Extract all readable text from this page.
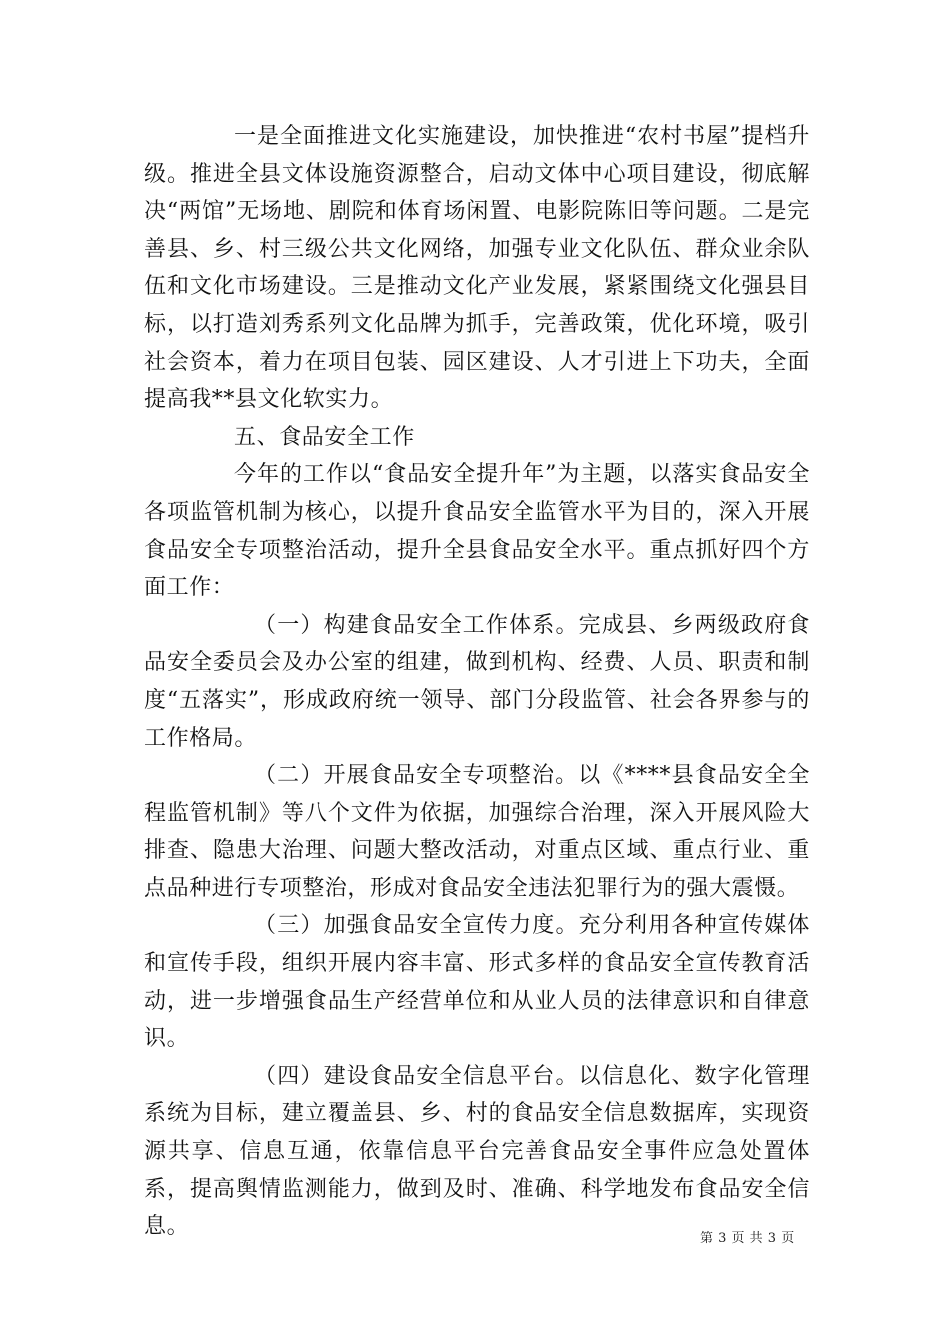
一是全面推进文化实施建设，加快推进“农村书屋”提档升级。推进全县文体设施资源整合，启动文体中心项目建设，彻底解决“两馆”无场地、剧院和体育场闲置、电影院陈旧等问题。二是完善县、乡、村三级公共文化网络，加强专业文化队伍、群众业余队伍和文化市场建设。三是推动文化产业发展，紧紧围绕文化强县目标，以打造刘秀系列文化品牌为抓手，完善政策，优化环境，吸引社会资本，着力在项目包装、园区建设、人才引进上下功夫，全面提高我**县文化软实力。

五、食品安全工作

今年的工作以“食品安全提升年”为主题，以落实食品安全各项监管机制为核心，以提升食品安全监管水平为目的，深入开展食品安全专项整治活动，提升全县食品安全水平。重点抓好四个方面工作：

（一）构建食品安全工作体系。完成县、乡两级政府食品安全委员会及办公室的组建，做到机构、经费、人员、职责和制度“五落实”，形成政府统一领导、部门分段监管、社会各界参与的工作格局。

（二）开展食品安全专项整治。以《****县食品安全全程监管机制》等八个文件为依据，加强综合治理，深入开展风险大排查、隐患大治理、问题大整改活动，对重点区域、重点行业、重点品种进行专项整治，形成对食品安全违法犯罪行为的强大震慑。

（三）加强食品安全宣传力度。充分利用各种宣传媒体和宣传手段，组织开展内容丰富、形式多样的食品安全宣传教育活动，进一步增强食品生产经营单位和从业人员的法律意识和自律意识。

（四）建设食品安全信息平台。以信息化、数字化管理系统为目标，建立覆盖县、乡、村的食品安全信息数据库，实现资源共享、信息互通，依靠信息平台完善食品安全事件应急处置体系，提高舆情监测能力，做到及时、准确、科学地发布食品安全信息。	第 3 页 共 3 页
